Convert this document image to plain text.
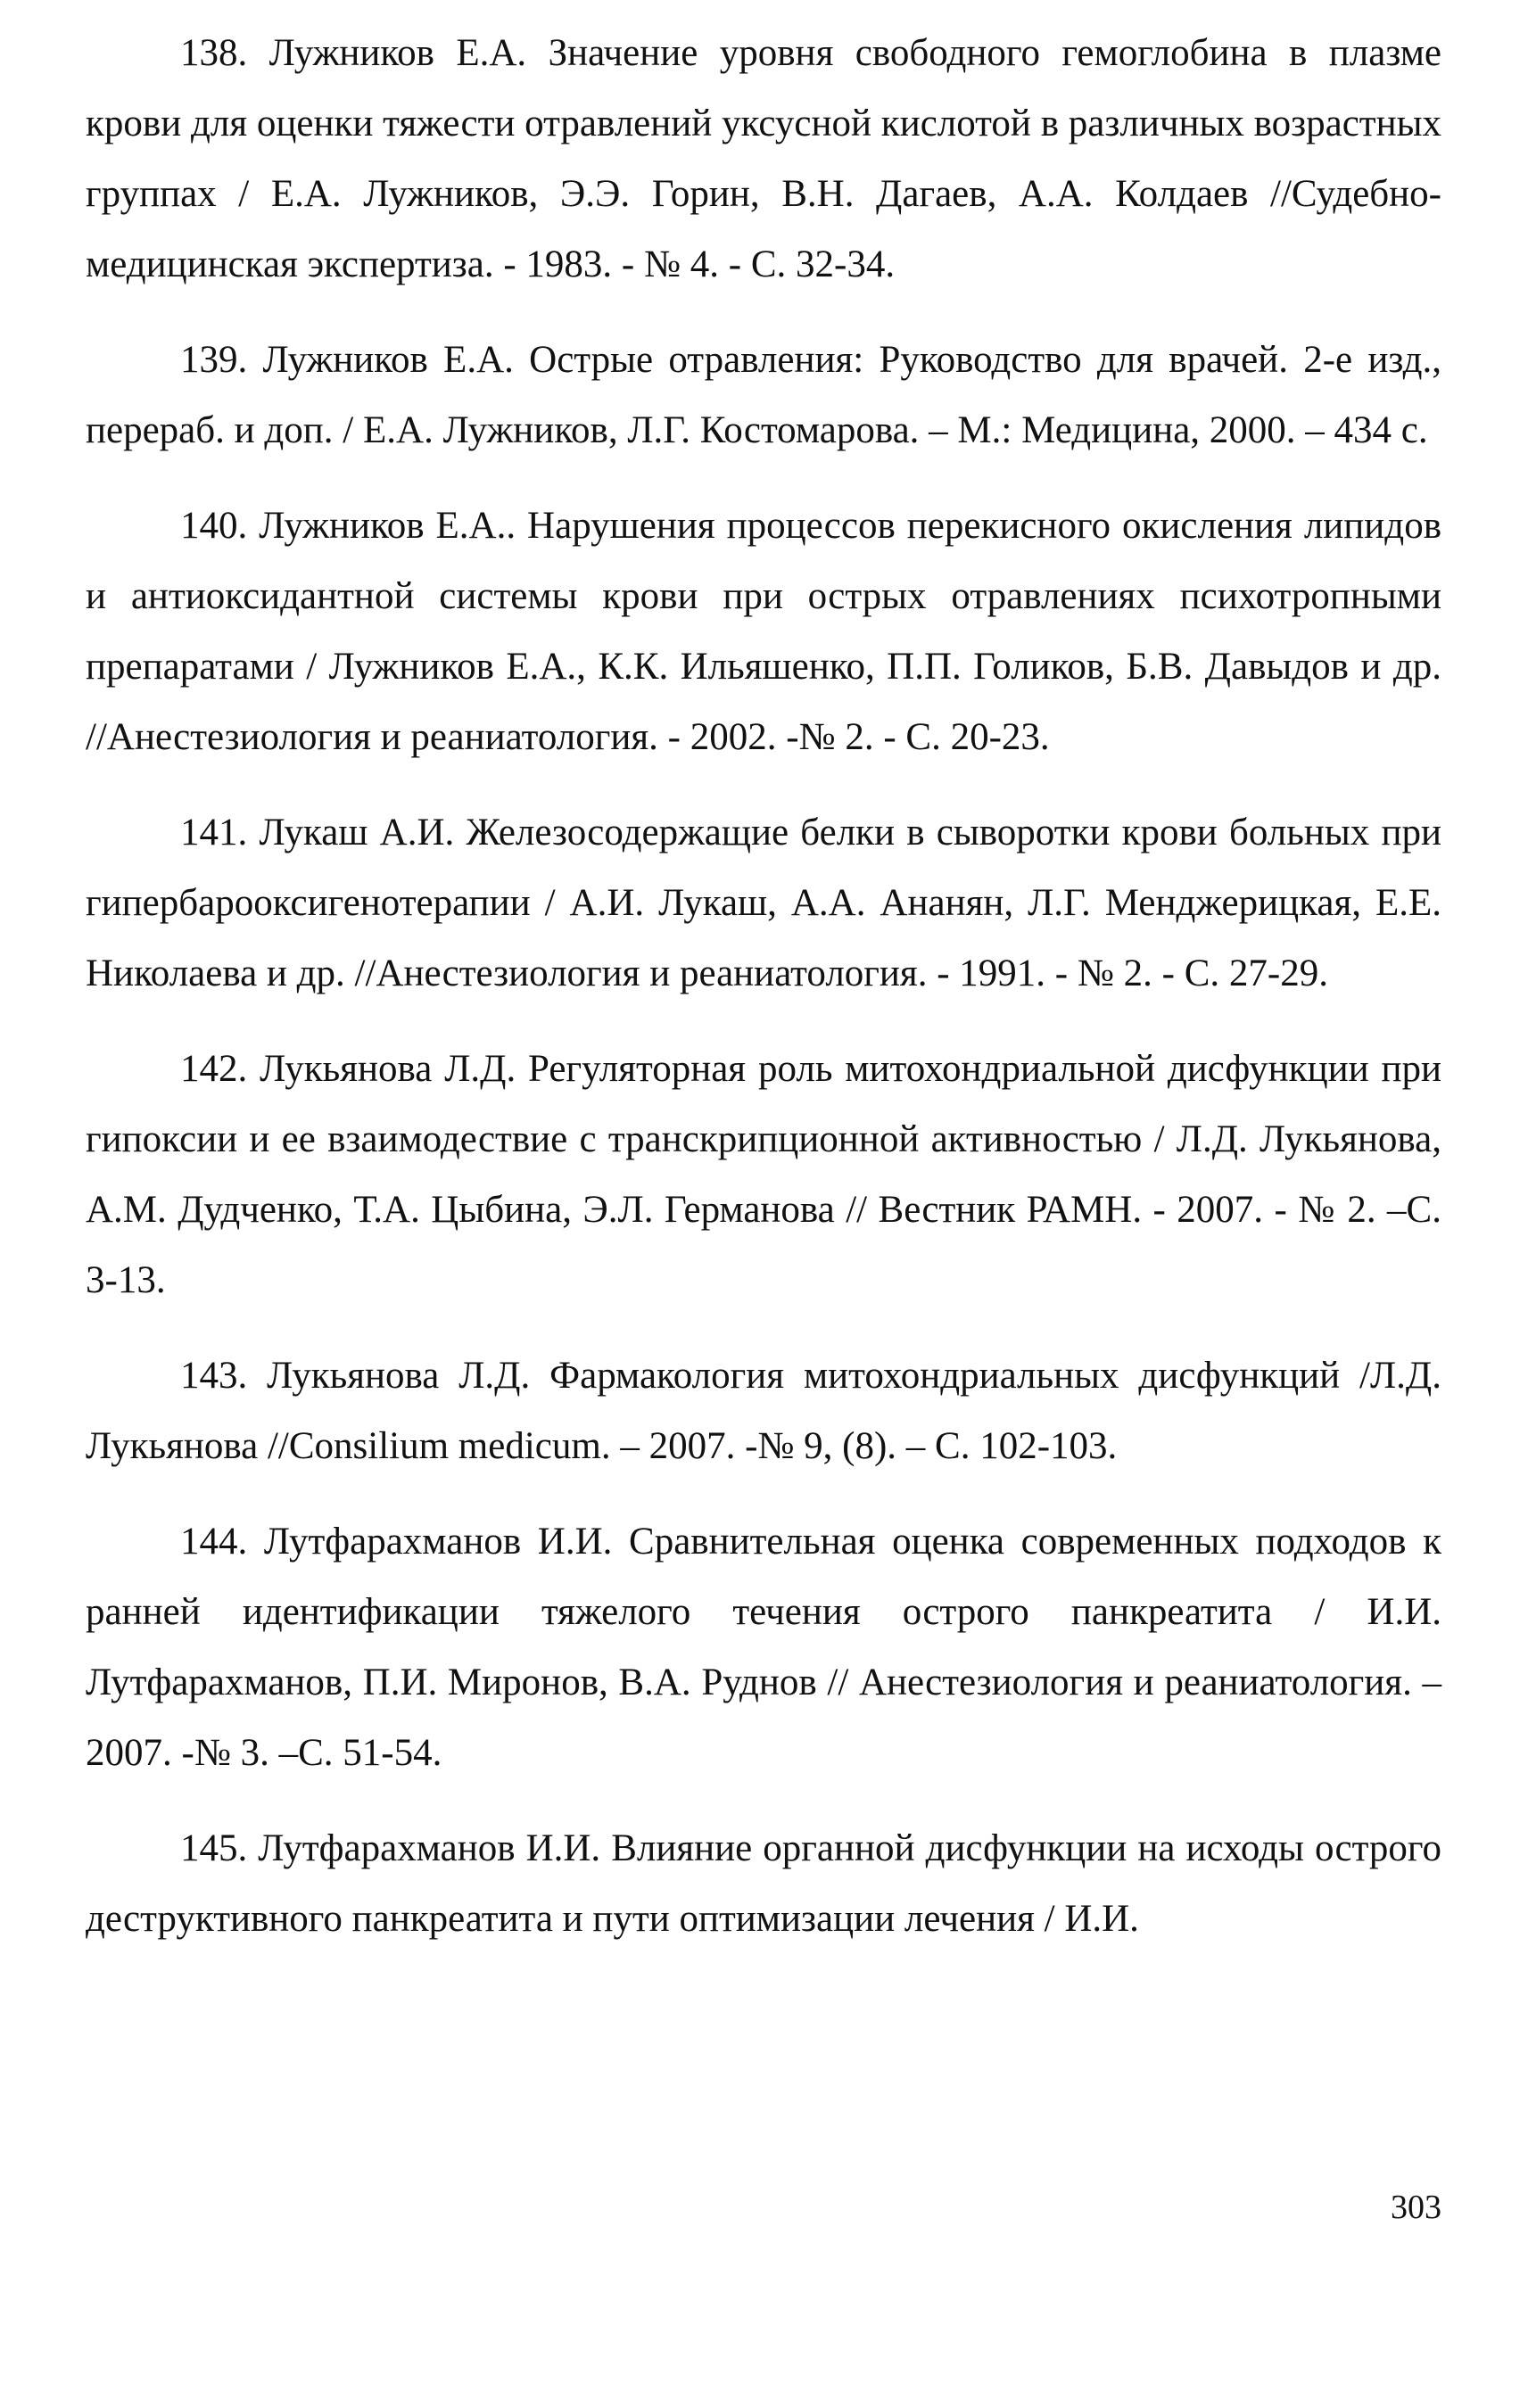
138. Лужников Е.А. Значение уровня свободного гемоглобина в плазме крови для оценки тяжести отравлений уксусной кислотой в различных возрастных группах / Е.А. Лужников, Э.Э. Горин, В.Н. Дагаев, А.А. Колдаев //Судебно-медицинская экспертиза. - 1983. - № 4. - С. 32-34.

139. Лужников Е.А. Острые отравления: Руководство для врачей. 2-е изд., перераб. и доп. / Е.А. Лужников, Л.Г. Костомарова. – М.: Медицина, 2000. – 434 с.

140. Лужников Е.А.. Нарушения процессов перекисного окисления липидов и антиоксидантной системы крови при острых отравлениях психотропными препаратами / Лужников Е.А., К.К. Ильяшенко, П.П. Голиков, Б.В. Давыдов и др. //Анестезиология и реаниатология. - 2002. -№ 2. - С. 20-23.

141. Лукаш А.И. Железосодержащие белки в сыворотки крови больных при гипербарооксигенотерапии / А.И. Лукаш, А.А. Ананян, Л.Г. Менджерицкая, Е.Е. Николаева и др. //Анестезиология и реаниатология. - 1991. - № 2. - С. 27-29.

142. Лукьянова Л.Д. Регуляторная роль митохондриальной дисфункции при гипоксии и ее взаимодествие с транскрипционной активностью / Л.Д. Лукьянова, А.М. Дудченко, Т.А. Цыбина, Э.Л. Германова // Вестник РАМН. - 2007. - № 2. –С. 3-13.

143. Лукьянова Л.Д. Фармакология митохондриальных дисфункций /Л.Д. Лукьянова //Consilium medicum. – 2007. -№ 9, (8). – С. 102-103.

144. Лутфарахманов И.И. Сравнительная оценка современных подходов к ранней идентификации тяжелого течения острого панкреатита / И.И. Лутфарахманов, П.И. Миронов, В.А. Руднов // Анестезиология и реаниатология. – 2007. -№ 3. –С. 51-54.

145. Лутфарахманов И.И. Влияние органной дисфункции на исходы острого деструктивного панкреатита и пути оптимизации лечения / И.И.

303
